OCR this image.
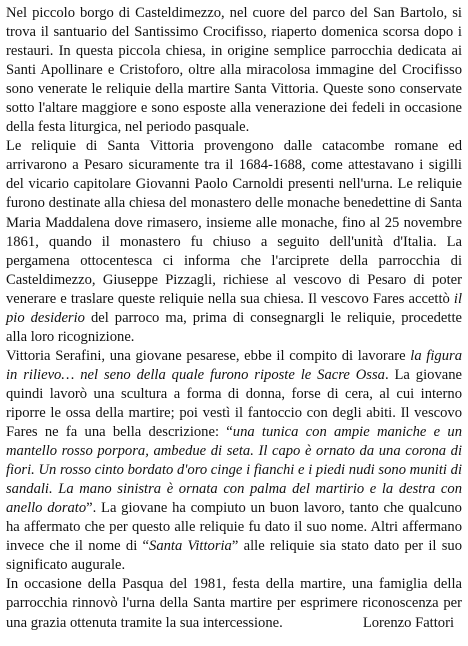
Nel piccolo borgo di Casteldimezzo, nel cuore del parco del San Bartolo, si trova il santuario del Santissimo Crocifisso, riaperto domenica scorsa dopo i restauri. In questa piccola chiesa, in origine semplice parrocchia dedicata ai Santi Apollinare e Cristoforo, oltre alla miracolosa immagine del Crocifisso sono venerate le reliquie della martire Santa Vittoria. Queste sono conservate sotto l'altare maggiore e sono esposte alla venerazione dei fedeli in occasione della festa liturgica, nel periodo pasquale.

Le reliquie di Santa Vittoria provengono dalle catacombe romane ed arrivarono a Pesaro sicuramente tra il 1684-1688, come attestavano i sigilli del vicario capitolare Giovanni Paolo Carnoldi presenti nell'urna. Le reliquie furono destinate alla chiesa del monastero delle monache benedettine di Santa Maria Maddalena dove rimasero, insieme alle monache, fino al 25 novembre 1861, quando il monastero fu chiuso a seguito dell'unità d'Italia. La pergamena ottocentesca ci informa che l'arciprete della parrocchia di Casteldimezzo, Giuseppe Pizzagli, richiese al vescovo di Pesaro di poter venerare e traslare queste reliquie nella sua chiesa. Il vescovo Fares accettò il pio desiderio del parroco ma, prima di consegnargli le reliquie, procedette alla loro ricognizione.

Vittoria Serafini, una giovane pesarese, ebbe il compito di lavorare la figura in rilievo… nel seno della quale furono riposte le Sacre Ossa. La giovane quindi lavorò una scultura a forma di donna, forse di cera, al cui interno riporre le ossa della martire; poi vestì il fantoccio con degli abiti. Il vescovo Fares ne fa una bella descrizione: “una tunica con ampie maniche e un mantello rosso porpora, ambedue di seta. Il capo è ornato da una corona di fiori. Un rosso cinto bordato d'oro cinge i fianchi e i piedi nudi sono muniti di sandali. La mano sinistra è ornata con palma del martirio e la destra con anello dorato”. La giovane ha compiuto un buon lavoro, tanto che qualcuno ha affermato che per questo alle reliquie fu dato il suo nome. Altri affermano invece che il nome di “Santa Vittoria” alle reliquie sia stato dato per il suo significato augurale.

In occasione della Pasqua del 1981, festa della martire, una famiglia della parrocchia rinnovò l'urna della Santa martire per esprimere riconoscenza per una grazia ottenuta tramite la sua intercessione.	Lorenzo Fattori
